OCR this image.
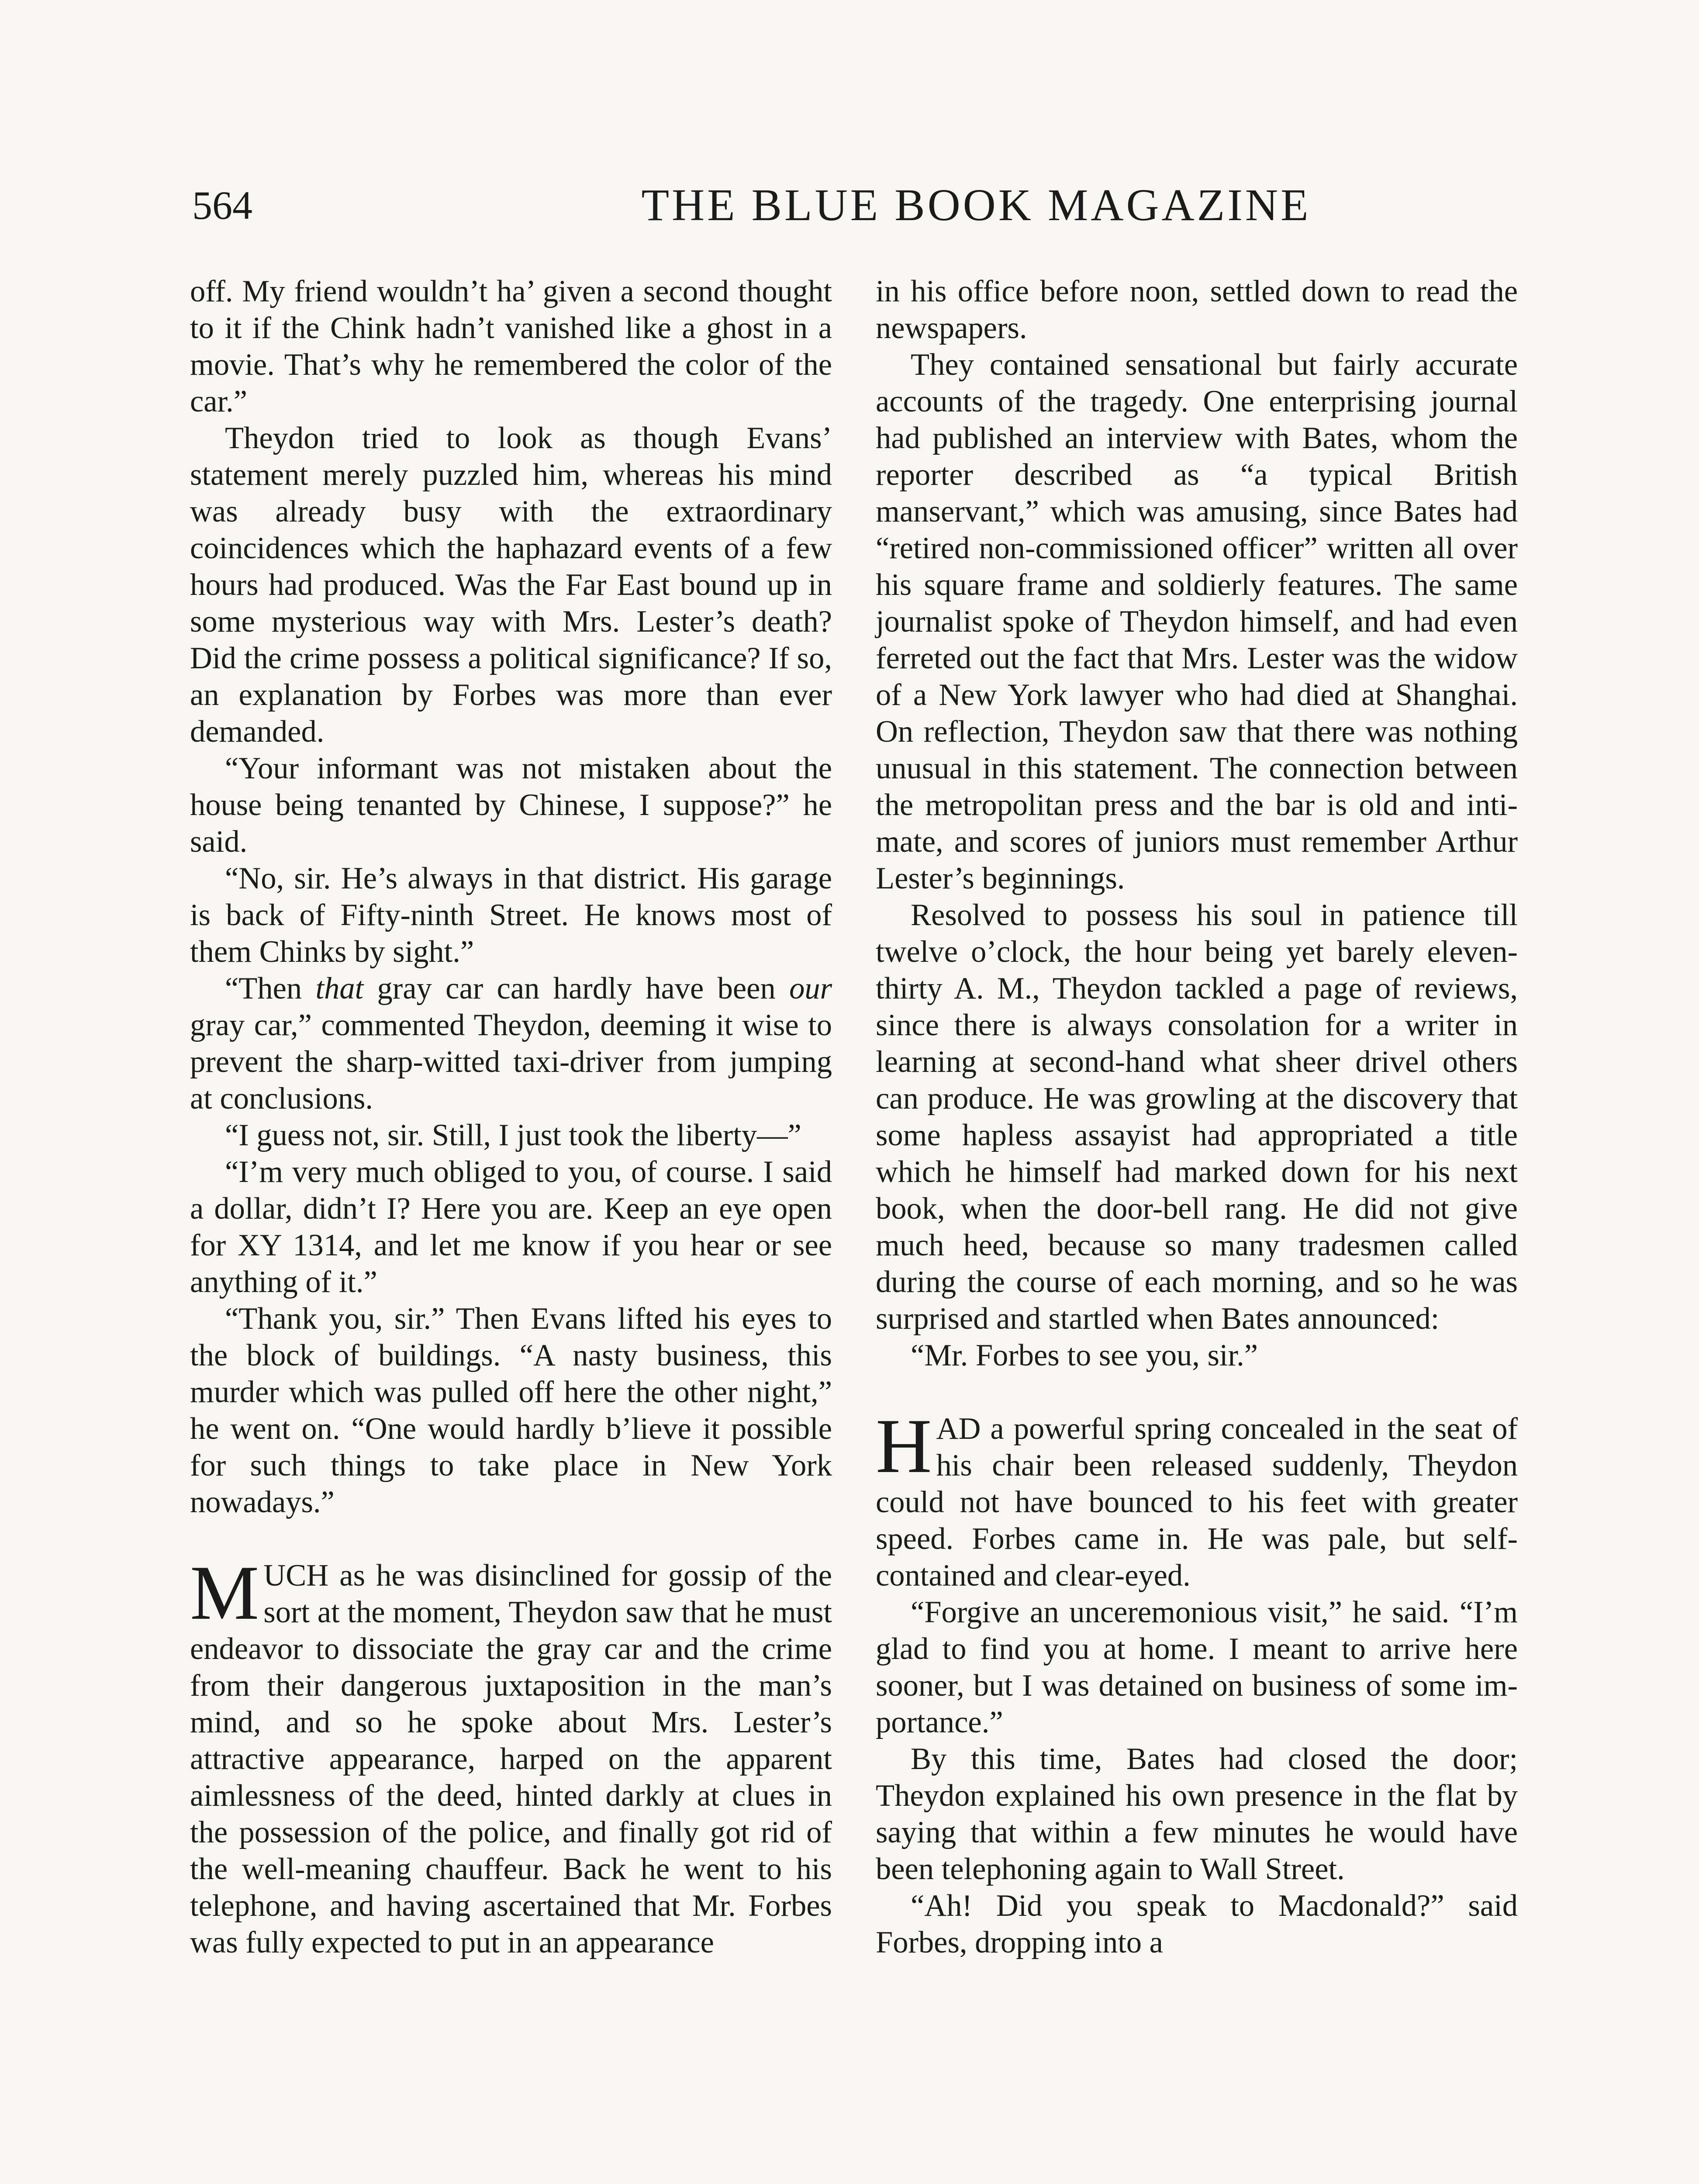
564	THE BLUE BOOK MAGAZINE

off. My friend wouldn’t ha’ given a second thought to it if the Chink hadn’t vanished like a ghost in a movie. That’s why he remembered the color of the car.”

Theydon tried to look as though Evans’ statement merely puzzled him, whereas his mind was already busy with the extraordinary coincidences which the haphazard events of a few hours had produced. Was the Far East bound up in some mysterious way with Mrs. Lester’s death? Did the crime possess a political significance? If so, an explanation by Forbes was more than ever demanded.

“Your informant was not mistaken about the house being tenanted by Chinese, I suppose?” he said.

“No, sir. He’s always in that district. His garage is back of Fifty-ninth Street. He knows most of them Chinks by sight.”

“Then that gray car can hardly have been our gray car,” commented Theydon, deeming it wise to prevent the sharp-witted taxi-driver from jumping at conclusions.

“I guess not, sir. Still, I just took the liberty—”

“I’m very much obliged to you, of course. I said a dollar, didn’t I? Here you are. Keep an eye open for XY 1314, and let me know if you hear or see anything of it.”

“Thank you, sir.” Then Evans lifted his eyes to the block of buildings. “A nasty business, this murder which was pulled off here the other night,” he went on. “One would hardly b’lieve it possible for such things to take place in New York nowadays.”

MUCH as he was disinclined for gossip of the sort at the moment, Theydon saw that he must endeavor to dissociate the gray car and the crime from their dangerous juxtaposition in the man’s mind, and so he spoke about Mrs. Lester’s attractive appearance, harped on the apparent aimlessness of the deed, hinted darkly at clues in the possession of the police, and finally got rid of the well-meaning chauffeur. Back he went to his telephone, and having ascertained that Mr. Forbes was fully expected to put in an appearance

in his office before noon, settled down to read the newspapers.

They contained sensational but fairly accurate accounts of the tragedy. One enterprising journal had published an interview with Bates, whom the reporter described as “a typical British manservant,” which was amusing, since Bates had “retired non-commissioned officer” written all over his square frame and soldierly features. The same journalist spoke of Theydon himself, and had even ferreted out the fact that Mrs. Lester was the widow of a New York lawyer who had died at Shanghai. On reflection, Theydon saw that there was nothing unusual in this statement. The connection between the metropolitan press and the bar is old and intimate, and scores of juniors must remember Arthur Lester’s beginnings.

Resolved to possess his soul in patience till twelve o’clock, the hour being yet barely eleven-thirty A. M., Theydon tackled a page of reviews, since there is always consolation for a writer in learning at second-hand what sheer drivel others can produce. He was growling at the discovery that some hapless assayist had appropriated a title which he himself had marked down for his next book, when the door-bell rang. He did not give much heed, because so many tradesmen called during the course of each morning, and so he was surprised and startled when Bates announced:

“Mr. Forbes to see you, sir.”

HAD a powerful spring concealed in the seat of his chair been released suddenly, Theydon could not have bounced to his feet with greater speed. Forbes came in. He was pale, but self-contained and clear-eyed.

“Forgive an unceremonious visit,” he said. “I’m glad to find you at home. I meant to arrive here sooner, but I was detained on business of some importance.”

By this time, Bates had closed the door; Theydon explained his own presence in the flat by saying that within a few minutes he would have been telephoning again to Wall Street.

“Ah! Did you speak to Macdonald?” said Forbes, dropping into a
